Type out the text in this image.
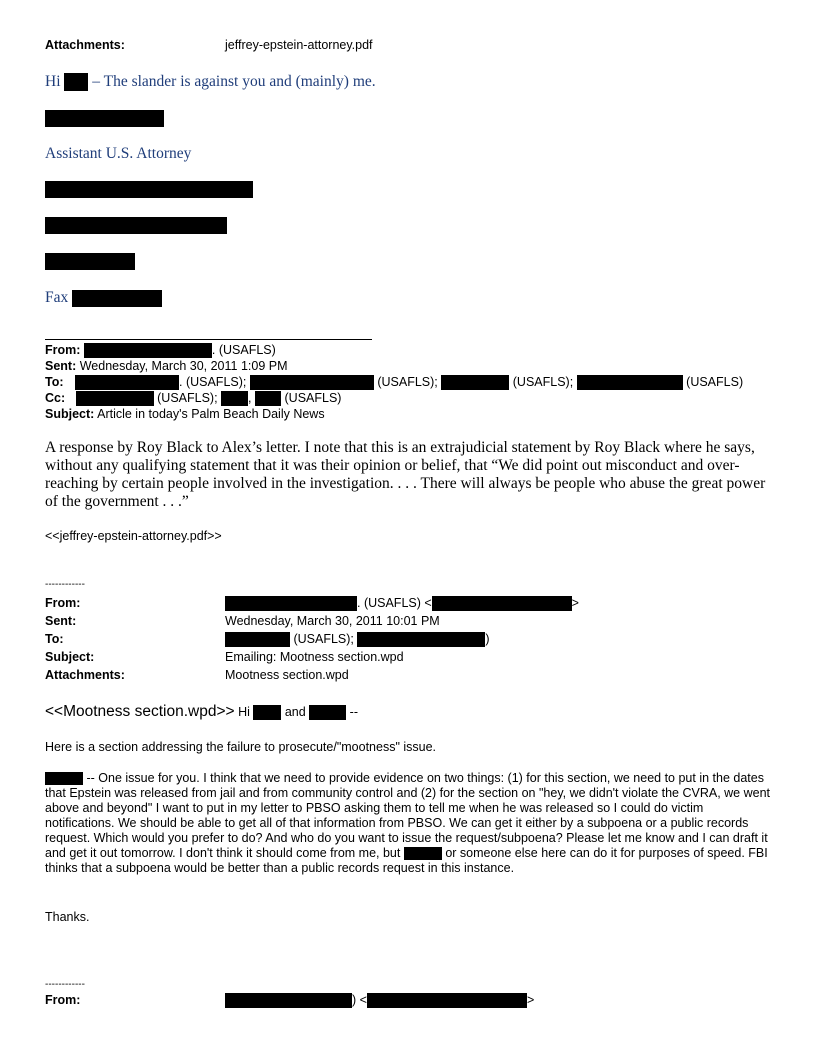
Attachments:	jeffrey-epstein-attorney.pdf
Hi – The slander is against you and (mainly) me.
Assistant U.S. Attorney
Fax
From:	. (USAFLS)
Sent: Wednesday, March 30, 2011 1:09 PM
To:	. (USAFLS);	(USAFLS);	(USAFLS);	(USAFLS)
Cc:	(USAFLS); ,	(USAFLS)
Subject: Article in today's Palm Beach Daily News
A response by Roy Black to Alex’s letter. I note that this is an extrajudicial statement by Roy Black where he says, without any qualifying statement that it was their opinion or belief, that “We did point out misconduct and over-reaching by certain people involved in the investigation. . . . There will always be people who abuse the great power of the government . . .”
<<jeffrey-epstein-attorney.pdf>>
------------
From:	. (USAFLS) <	>
Sent:	Wednesday, March 30, 2011 10:01 PM
To:	(USAFLS);	)
Subject:	Emailing: Mootness section.wpd
Attachments:	Mootness section.wpd
<<Mootness section.wpd>> Hi	and	--
Here is a section addressing the failure to prosecute/"mootness" issue.
-- One issue for you. I think that we need to provide evidence on two things: (1) for this section, we need to put in the dates that Epstein was released from jail and from community control and (2) for the section on "hey, we didn't violate the CVRA, we went above and beyond" I want to put in my letter to PBSO asking them to tell me when he was released so I could do victim notifications. We should be able to get all of that information from PBSO. We can get it either by a subpoena or a public records request. Which would you prefer to do? And who do you want to issue the request/subpoena? Please let me know and I can draft it and get it out tomorrow. I don't think it should come from me, but	or someone else here can do it for purposes of speed. FBI thinks that a subpoena would be better than a public records request in this instance.
Thanks.
------------
From:	) <	>
